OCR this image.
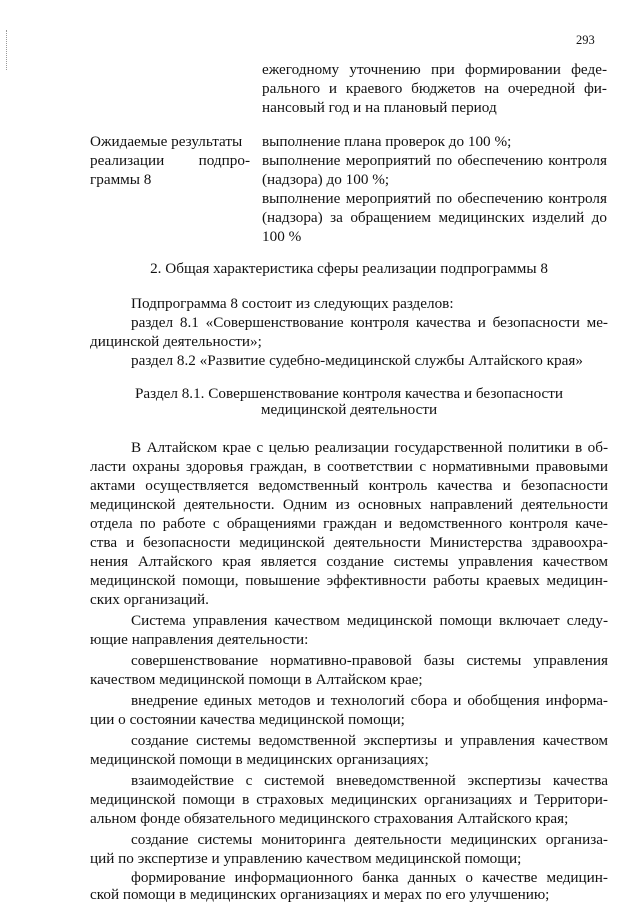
293
ежегодному уточнению при формировании феде-
рального и краевого бюджетов на очередной фи-
нансовый год и на плановый период
Ожидаемые результаты
реализации подпро-
граммы 8
выполнение плана проверок до 100 %;
выполнение мероприятий по обеспечению контроля
(надзора) до 100 %;
выполнение мероприятий по обеспечению контроля
(надзора) за обращением медицинских изделий до
100 %
2. Общая характеристика сферы реализации подпрограммы 8
Подпрограмма 8 состоит из следующих разделов:
раздел 8.1 «Совершенствование контроля качества и безопасности ме-
дицинской деятельности»;
раздел 8.2 «Развитие судебно-медицинской службы Алтайского края»
Раздел 8.1. Совершенствование контроля качества и безопасности
медицинской деятельности
В Алтайском крае с целью реализации государственной политики в об-
ласти охраны здоровья граждан, в соответствии с нормативными правовыми
актами осуществляется ведомственный контроль качества и безопасности
медицинской деятельности. Одним из основных направлений деятельности
отдела по работе с обращениями граждан и ведомственного контроля каче-
ства и безопасности медицинской деятельности Министерства здравоохра-
нения Алтайского края является создание системы управления качеством
медицинской помощи, повышение эффективности работы краевых медицин-
ских организаций.
Система управления качеством медицинской помощи включает следу-
ющие направления деятельности:
совершенствование нормативно-правовой базы системы управления
качеством медицинской помощи в Алтайском крае;
внедрение единых методов и технологий сбора и обобщения информа-
ции о состоянии качества медицинской помощи;
создание системы ведомственной экспертизы и управления качеством
медицинской помощи в медицинских организациях;
взаимодействие с системой вневедомственной экспертизы качества
медицинской помощи в страховых медицинских организациях и Территори-
альном фонде обязательного медицинского страхования Алтайского края;
создание системы мониторинга деятельности медицинских организа-
ций по экспертизе и управлению качеством медицинской помощи;
формирование информационного банка данных о качестве медицин-
ской помощи в медицинских организациях и мерах по его улучшению;
